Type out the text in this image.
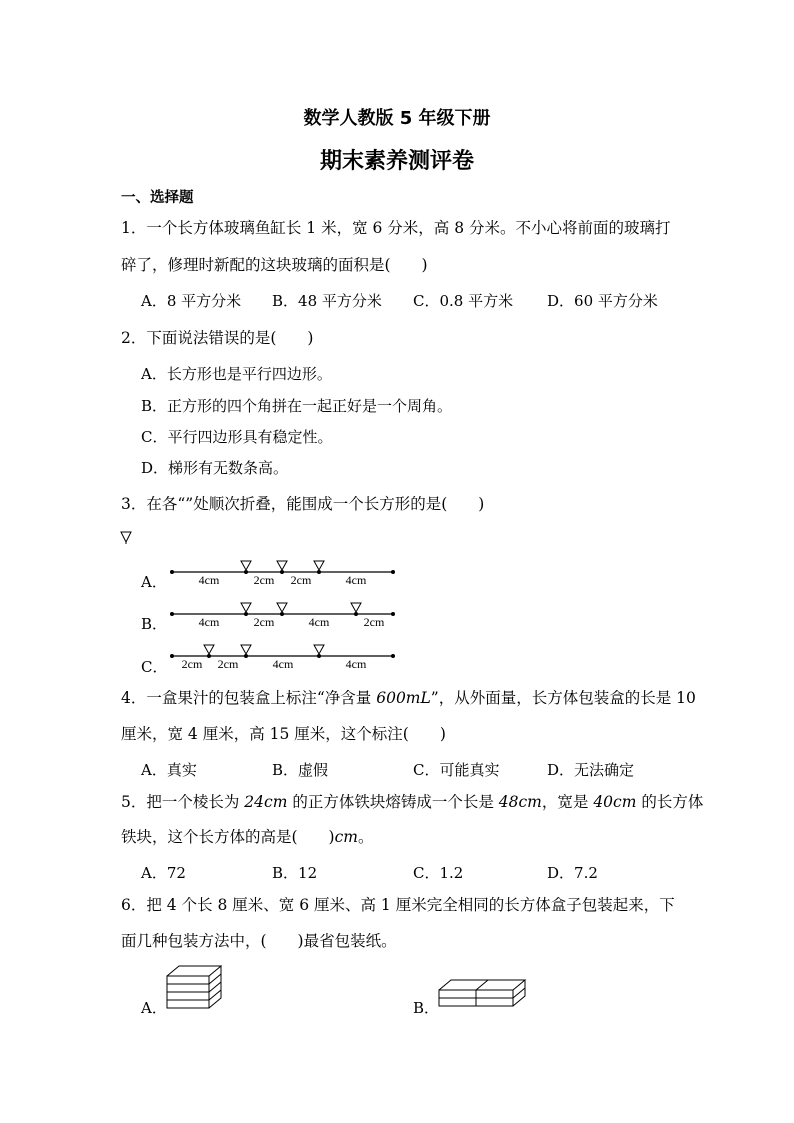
数学人教版 5 年级下册
期末素养测评卷
一、选择题
1．一个长方体玻璃鱼缸长 1 米，宽 6 分米，高 8 分米。不小心将前面的玻璃打
碎了，修理时新配的这块玻璃的面积是(　　)
A．8 平方分米 B．48 平方分米 C．0.8 平方米 D．60 平方分米
2．下面说法错误的是(　　)
A．长方形也是平行四边形。
B．正方形的四个角拼在一起正好是一个周角。
C．平行四边形具有稳定性。
D．梯形有无数条高。
3．在各“”处顺次折叠，能围成一个长方形的是(　　)
A．	4cm	2cm 2cm	4cm
B．	4cm	2cm	4cm	2cm
C． 2cm 2cm	4cm	4cm
4．一盒果汁的包装盒上标注“净含量 600mL”，从外面量，长方体包装盒的长是 10
厘米，宽 4 厘米，高 15 厘米，这个标注(　　)
A．真实	B．虚假	C．可能真实	D．无法确定
5．把一个棱长为 24cm 的正方体铁块熔铸成一个长是 48cm，宽是 40cm 的长方体
铁块，这个长方体的高是(　　)cm。
A．72	B．12	C．1.2	D．7.2
6．把 4 个长 8 厘米、宽 6 厘米、高 1 厘米完全相同的长方体盒子包装起来，下
面几种包装方法中，(　　)最省包装纸。
A．	B．
